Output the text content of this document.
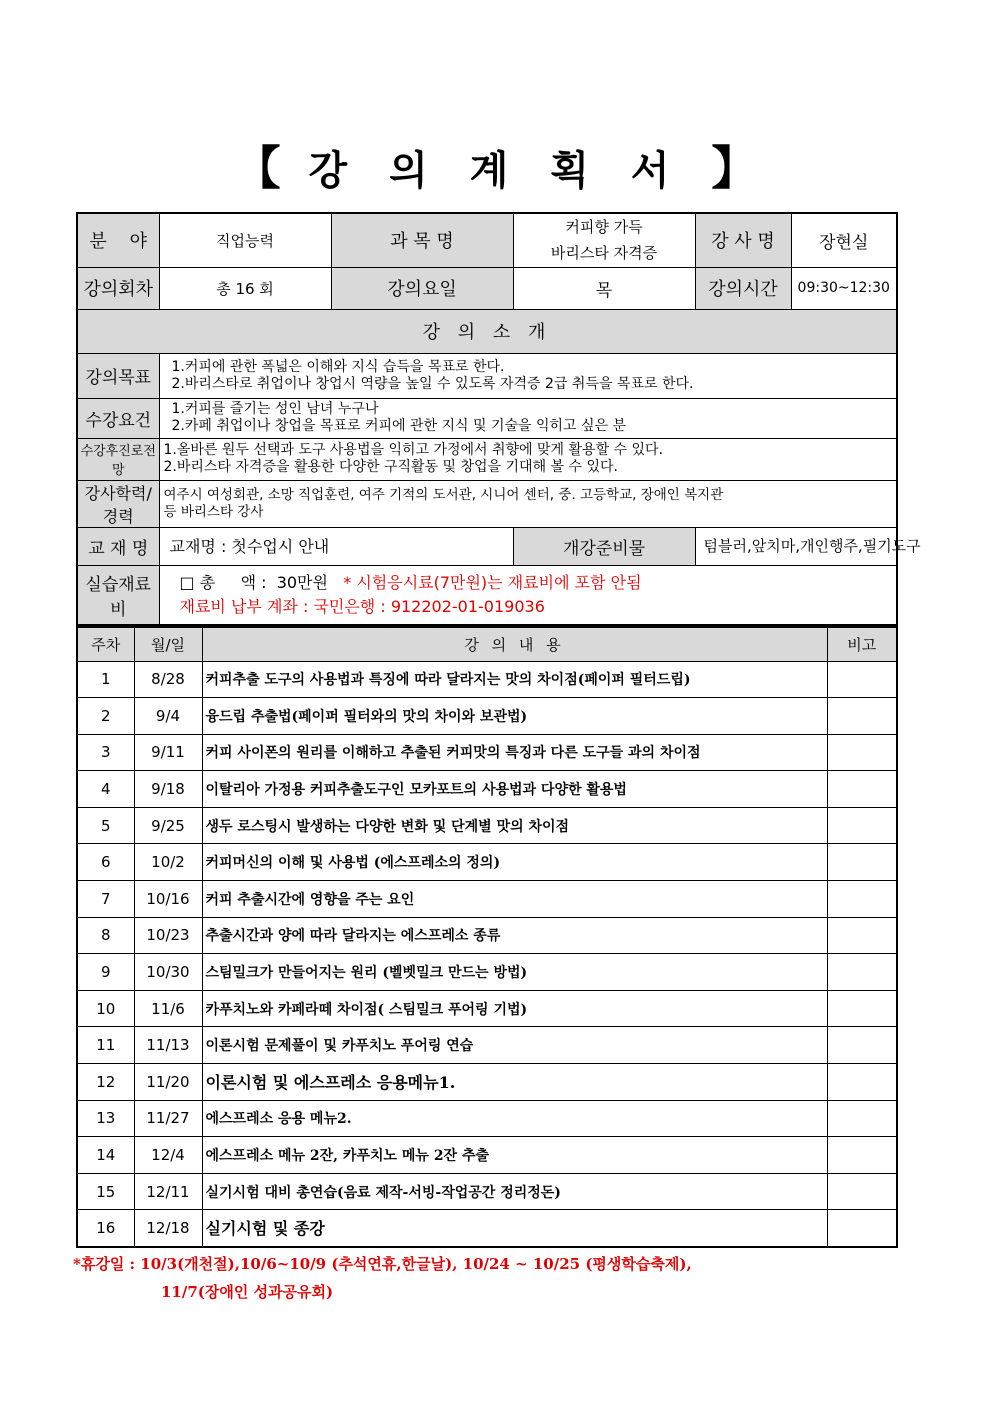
【 강 의 계 획 서 】
분    야	직업능력	과 목 명	커피향 가득
바리스타 자격증	강 사 명	장현실
강의회차	총 16 회	강의요일	목	강의시간	09:30~12:30
강 의 소 개					
강의목표	1.커피에 관한 폭넓은 이해와 지식 습득을 목표로 한다.
2.바리스타로 취업이나 창업시 역량을 높일 수 있도록 자격증 2급 취득을 목표로 한다.				

수강요건	1.커피를 즐기는 성인 남녀 누구나
2.카페 취업이나 창업을 목표로 커피에 관한 지식 및 기술을 익히고 싶은 분				

수강후진로전망	1.올바른 원두 선택과 도구 사용법을 익히고 가정에서 취향에 맞게 활용할 수 있다.
2.바리스타 자격증을 활용한 다양한 구직활동 및 창업을 기대해 볼 수 있다.				

강사학력/경력	여주시 여성회관, 소망 직업훈련, 여주 기적의 도서관, 시니어 센터, 중. 고등학교, 장애인 복지관
등 바리스타 강사				

교 재 명	교재명 : 첫수업시 안내		개강준비물	텀블러,앞치마,개인행주,필기도구	
실습재료비	□ 총     액 :  30만원 * 시험응시료(7만원)는 재료비에 포함 안됨
재료비 납부 계좌 : 국민은행 : 912202-01-019036				
주차	월/일	강 의 내 용	비고
1	8/28	커피추출 도구의 사용법과 특징에 따라 달라지는 맛의 차이점(페이퍼 필터드립)	
2	9/4	융드립 추출법(페이퍼 필터와의 맛의 차이와 보관법)	
3	9/11	커피 사이폰의 원리를 이해하고 추출된 커피맛의 특징과 다른 도구들 과의 차이점	
4	9/18	이탈리아 가정용 커피추출도구인 모카포트의 사용법과 다양한 활용법	
5	9/25	생두 로스팅시 발생하는 다양한 변화 및 단계별 맛의 차이점	
6	10/2	커피머신의 이해 및 사용법 (에스프레소의 정의)	
7	10/16	커피 추출시간에 영향을 주는 요인	
8	10/23	추출시간과 양에 따라 달라지는 에스프레소 종류	
9	10/30	스팀밀크가 만들어지는 원리 (벨벳밀크 만드는 방법)	
10	11/6	카푸치노와 카페라떼 차이점( 스팀밀크 푸어링 기법)	
11	11/13	이론시험 문제풀이 및 카푸치노 푸어링 연습	
12	11/20	이론시험 및 에스프레소 응용메뉴1.	
13	11/27	에스프레소 응용 메뉴2.	
14	12/4	에스프레소 메뉴 2잔, 카푸치노 메뉴 2잔 추출	
15	12/11	실기시험 대비 총연습(음료 제작-서빙-작업공간 정리정돈)	
16	12/18	실기시험 및 종강	
*휴강일 : 10/3(개천절),10/6~10/9 (추석연휴,한글날), 10/24 ~ 10/25 (평생학습축제),
11/7(장애인 성과공유회)
